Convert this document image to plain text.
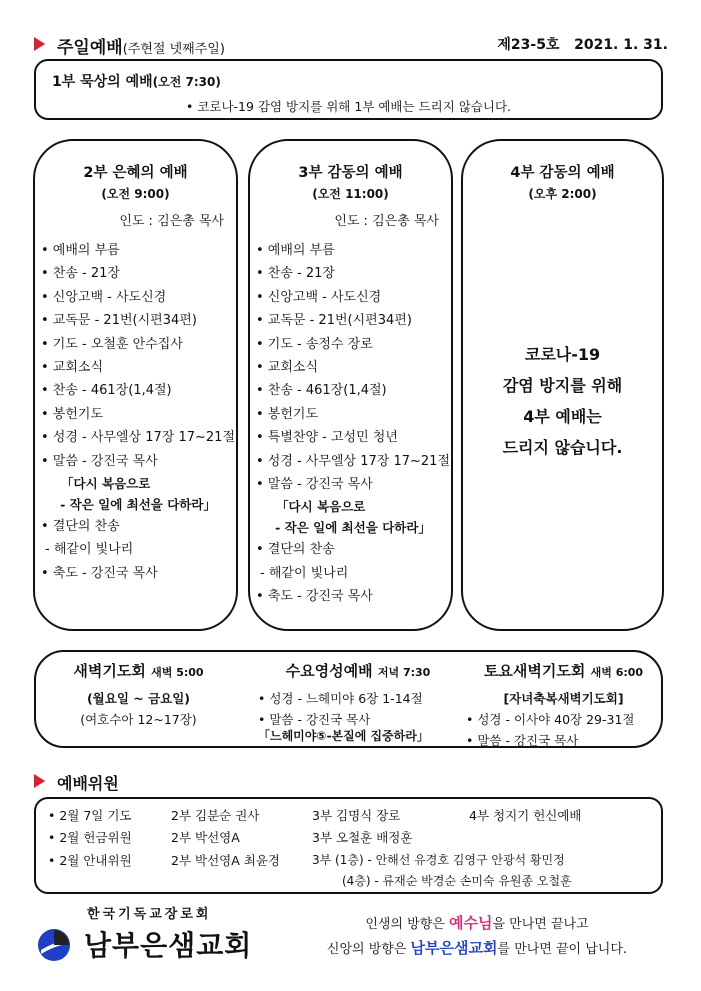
주일예배(주현절 넷째주일)	제23-5호 2021. 1. 31.
1부 묵상의 예배(오전 7:30)
• 코로나-19 감염 방지를 위해 1부 예배는 드리지 않습니다.
2부 은혜의 예배
(오전 9:00)
인도 : 김은총 목사
• 예배의 부름
• 찬송 - 21장
• 신앙고백 - 사도신경
• 교독문 - 21번(시편34편)
• 기도 - 오철훈 안수집사
• 교회소식
• 찬송 - 461장(1,4절)
• 봉헌기도
• 성경 - 사무엘상 17장 17~21절
• 말씀 - 강진국 목사
「다시 복음으로
- 작은 일에 최선을 다하라」
• 결단의 찬송
- 해같이 빛나리
• 축도 - 강진국 목사
3부 감동의 예배
(오전 11:00)
인도 : 김은총 목사
• 예배의 부름
• 찬송 - 21장
• 신앙고백 - 사도신경
• 교독문 - 21번(시편34편)
• 기도 - 송정수 장로
• 교회소식
• 찬송 - 461장(1,4절)
• 봉헌기도
• 특별찬양 - 고성민 청년
• 성경 - 사무엘상 17장 17~21절
• 말씀 - 강진국 목사
「다시 복음으로
- 작은 일에 최선을 다하라」
• 결단의 찬송
- 해같이 빛나리
• 축도 - 강진국 목사
4부 감동의 예배
(오후 2:00)
코로나-19
감염 방지를 위해
4부 예배는
드리지 않습니다.
새벽기도회 새벽 5:00
(월요일 ~ 금요일)
(여호수아 12~17장)
수요영성예배 저녁 7:30
• 성경 - 느헤미야 6장 1-14절
• 말씀 - 강진국 목사
「느헤미야⑤-본질에 집중하라」
토요새벽기도회 새벽 6:00
[자녀축복새벽기도회]
• 성경 - 이사야 40장 29-31절
• 말씀 - 강진국 목사
예배위원
• 2월 7일 기도	2부 김분순 권사	3부 김명식 장로	4부 청지기 헌신예배
• 2월 헌금위원	2부 박선영A	3부 오철훈 배정훈
• 2월 안내위원	2부 박선영A 최윤경	3부 (1층) - 안해선 유경호 김영구 안광석 황민정
(4층) - 류재순 박경순 손미숙 유원종 오철훈
한국기독교장로회
남부은샘교회
인생의 방향은 예수님을 만나면 끝나고
신앙의 방향은 남부은샘교회를 만나면 끝이 납니다.
